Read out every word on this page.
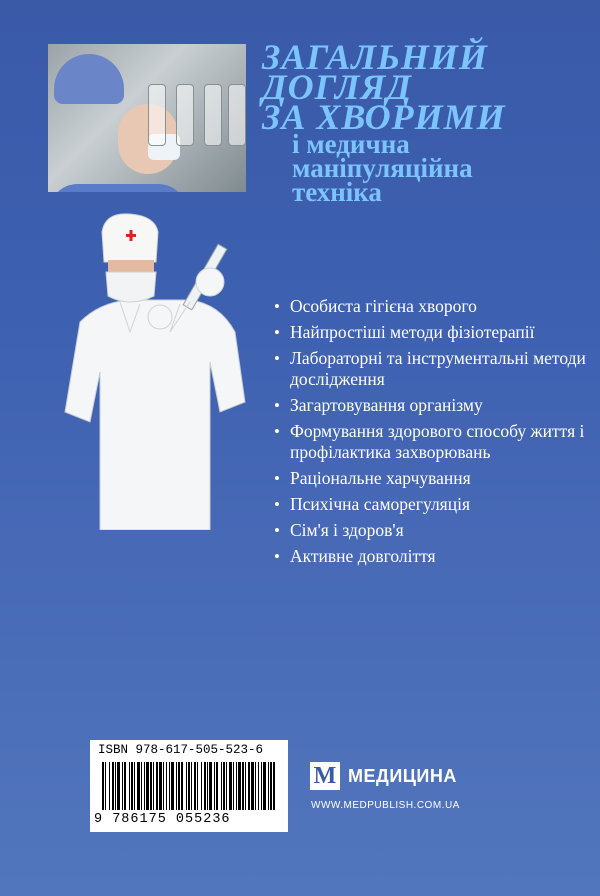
ЗАГАЛЬНИЙ
ДОГЛЯД
ЗА ХВОРИМИ
і медична
маніпуляційна
техніка
• Особиста гігієна хворого
• Найпростіші методи фізіотерапії
• Лабораторні та інструментальні методи дослідження
• Загартовування організму
• Формування здорового способу життя і профілактика захворювань
• Раціональне харчування
• Психічна саморегуляція
• Сім'я і здоров'я
• Активне довголіття
ISBN 978-617-505-523-6
9 786175 055236
M МЕДИЦИНА
WWW.MEDPUBLISH.COM.UA
